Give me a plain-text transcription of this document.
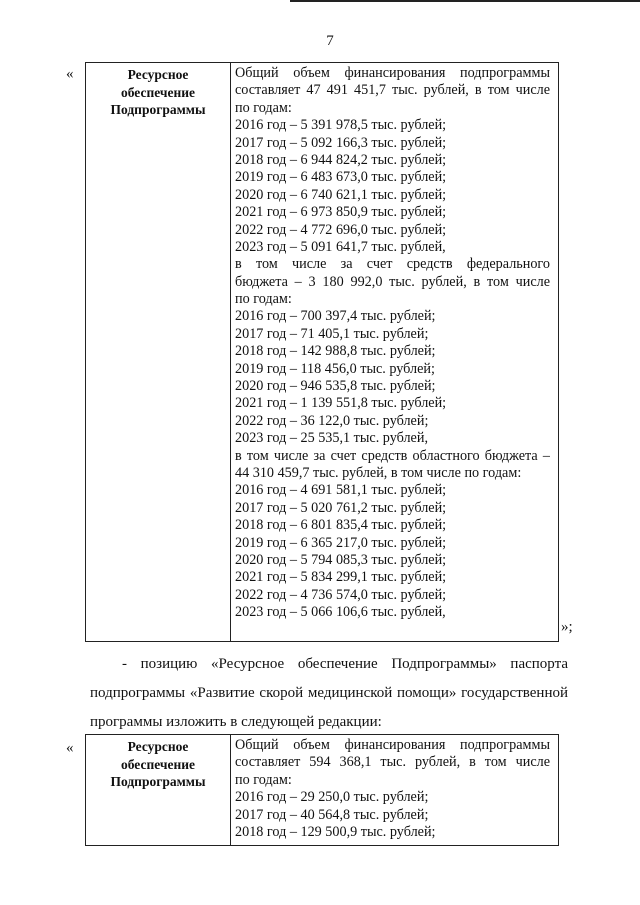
7
«	Ресурсное
обеспечение
Подпрограммы
Общий объем финансирования подпрограммы
составляет 47 491 451,7 тыс. рублей, в том числе
по годам:
2016 год – 5 391 978,5 тыс. рублей;
2017 год – 5 092 166,3 тыс. рублей;
2018 год – 6 944 824,2 тыс. рублей;
2019 год – 6 483 673,0 тыс. рублей;
2020 год – 6 740 621,1 тыс. рублей;
2021 год – 6 973 850,9 тыс. рублей;
2022 год – 4 772 696,0 тыс. рублей;
2023 год – 5 091 641,7 тыс. рублей,
в том числе за счет средств федерального
бюджета – 3 180 992,0 тыс. рублей, в том числе
по годам:
2016 год – 700 397,4 тыс. рублей;
2017 год – 71 405,1 тыс. рублей;
2018 год – 142 988,8 тыс. рублей;
2019 год – 118 456,0 тыс. рублей;
2020 год – 946 535,8 тыс. рублей;
2021 год – 1 139 551,8 тыс. рублей;
2022 год – 36 122,0 тыс. рублей;
2023 год – 25 535,1 тыс. рублей,
в том числе за счет средств областного бюджета –
44 310 459,7 тыс. рублей, в том числе по годам:
2016 год – 4 691 581,1 тыс. рублей;
2017 год – 5 020 761,2 тыс. рублей;
2018 год – 6 801 835,4 тыс. рублей;
2019 год – 6 365 217,0 тыс. рублей;
2020 год – 5 794 085,3 тыс. рублей;
2021 год – 5 834 299,1 тыс. рублей;
2022 год – 4 736 574,0 тыс. рублей;
2023 год – 5 066 106,6 тыс. рублей,
»;
- позицию «Ресурсное обеспечение Подпрограммы» паспорта
подпрограммы «Развитие скорой медицинской помощи» государственной
программы изложить в следующей редакции:
«	Ресурсное
обеспечение
Подпрограммы
Общий объем финансирования подпрограммы
составляет 594 368,1 тыс. рублей, в том числе
по годам:
2016 год – 29 250,0 тыс. рублей;
2017 год – 40 564,8 тыс. рублей;
2018 год – 129 500,9 тыс. рублей;
